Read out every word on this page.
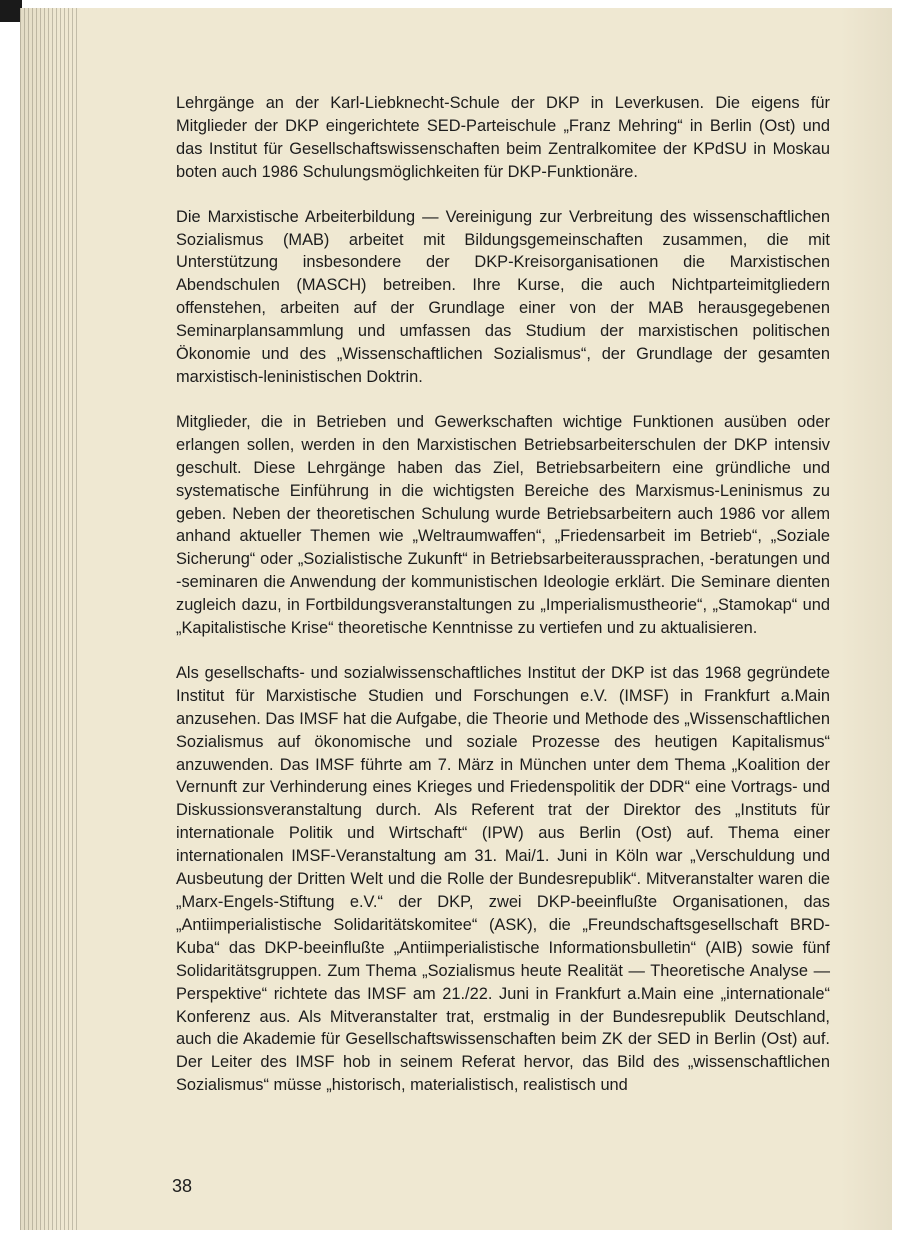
Lehrgänge an der Karl-Liebknecht-Schule der DKP in Leverkusen. Die eigens für Mitglieder der DKP eingerichtete SED-Parteischule „Franz Mehring“ in Berlin (Ost) und das Institut für Gesellschaftswissenschaften beim Zentralkomitee der KPdSU in Moskau boten auch 1986 Schulungsmöglichkeiten für DKP-Funktionäre.

Die Marxistische Arbeiterbildung — Vereinigung zur Verbreitung des wissenschaftlichen Sozialismus (MAB) arbeitet mit Bildungsgemeinschaften zusammen, die mit Unterstützung insbesondere der DKP-Kreisorganisationen die Marxistischen Abendschulen (MASCH) betreiben. Ihre Kurse, die auch Nichtparteimitgliedern offenstehen, arbeiten auf der Grundlage einer von der MAB herausgegebenen Seminarplansammlung und umfassen das Studium der marxistischen politischen Ökonomie und des „Wissenschaftlichen Sozialismus“, der Grundlage der gesamten marxistisch-leninistischen Doktrin.

Mitglieder, die in Betrieben und Gewerkschaften wichtige Funktionen ausüben oder erlangen sollen, werden in den Marxistischen Betriebsarbeiterschulen der DKP intensiv geschult. Diese Lehrgänge haben das Ziel, Betriebsarbeitern eine gründliche und systematische Einführung in die wichtigsten Bereiche des Marxismus-Leninismus zu geben. Neben der theoretischen Schulung wurde Betriebsarbeitern auch 1986 vor allem anhand aktueller Themen wie „Weltraumwaffen“, „Friedensarbeit im Betrieb“, „Soziale Sicherung“ oder „Sozialistische Zukunft“ in Betriebsarbeiteraussprachen, -beratungen und -seminaren die Anwendung der kommunistischen Ideologie erklärt. Die Seminare dienten zugleich dazu, in Fortbildungsveranstaltungen zu „Imperialismustheorie“, „Stamokap“ und „Kapitalistische Krise“ theoretische Kenntnisse zu vertiefen und zu aktualisieren.

Als gesellschafts- und sozialwissenschaftliches Institut der DKP ist das 1968 gegründete Institut für Marxistische Studien und Forschungen e.V. (IMSF) in Frankfurt a.Main anzusehen. Das IMSF hat die Aufgabe, die Theorie und Methode des „Wissenschaftlichen Sozialismus auf ökonomische und soziale Prozesse des heutigen Kapitalismus“ anzuwenden. Das IMSF führte am 7. März in München unter dem Thema „Koalition der Vernunft zur Verhinderung eines Krieges und Friedenspolitik der DDR“ eine Vortrags- und Diskussionsveranstaltung durch. Als Referent trat der Direktor des „Instituts für internationale Politik und Wirtschaft“ (IPW) aus Berlin (Ost) auf. Thema einer internationalen IMSF-Veranstaltung am 31. Mai/1. Juni in Köln war „Verschuldung und Ausbeutung der Dritten Welt und die Rolle der Bundesrepublik“. Mitveranstalter waren die „Marx-Engels-Stiftung e.V.“ der DKP, zwei DKP-beeinflußte Organisationen, das „Antiimperialistische Solidaritätskomitee“ (ASK), die „Freundschaftsgesellschaft BRD-Kuba“ das DKP-beeinflußte „Antiimperialistische Informationsbulletin“ (AIB) sowie fünf Solidaritätsgruppen. Zum Thema „Sozialismus heute Realität — Theoretische Analyse — Perspektive“ richtete das IMSF am 21./22. Juni in Frankfurt a.Main eine „internationale“ Konferenz aus. Als Mitveranstalter trat, erstmalig in der Bundesrepublik Deutschland, auch die Akademie für Gesellschaftswissenschaften beim ZK der SED in Berlin (Ost) auf. Der Leiter des IMSF hob in seinem Referat hervor, das Bild des „wissenschaftlichen Sozialismus“ müsse „historisch, materialistisch, realistisch und

38
